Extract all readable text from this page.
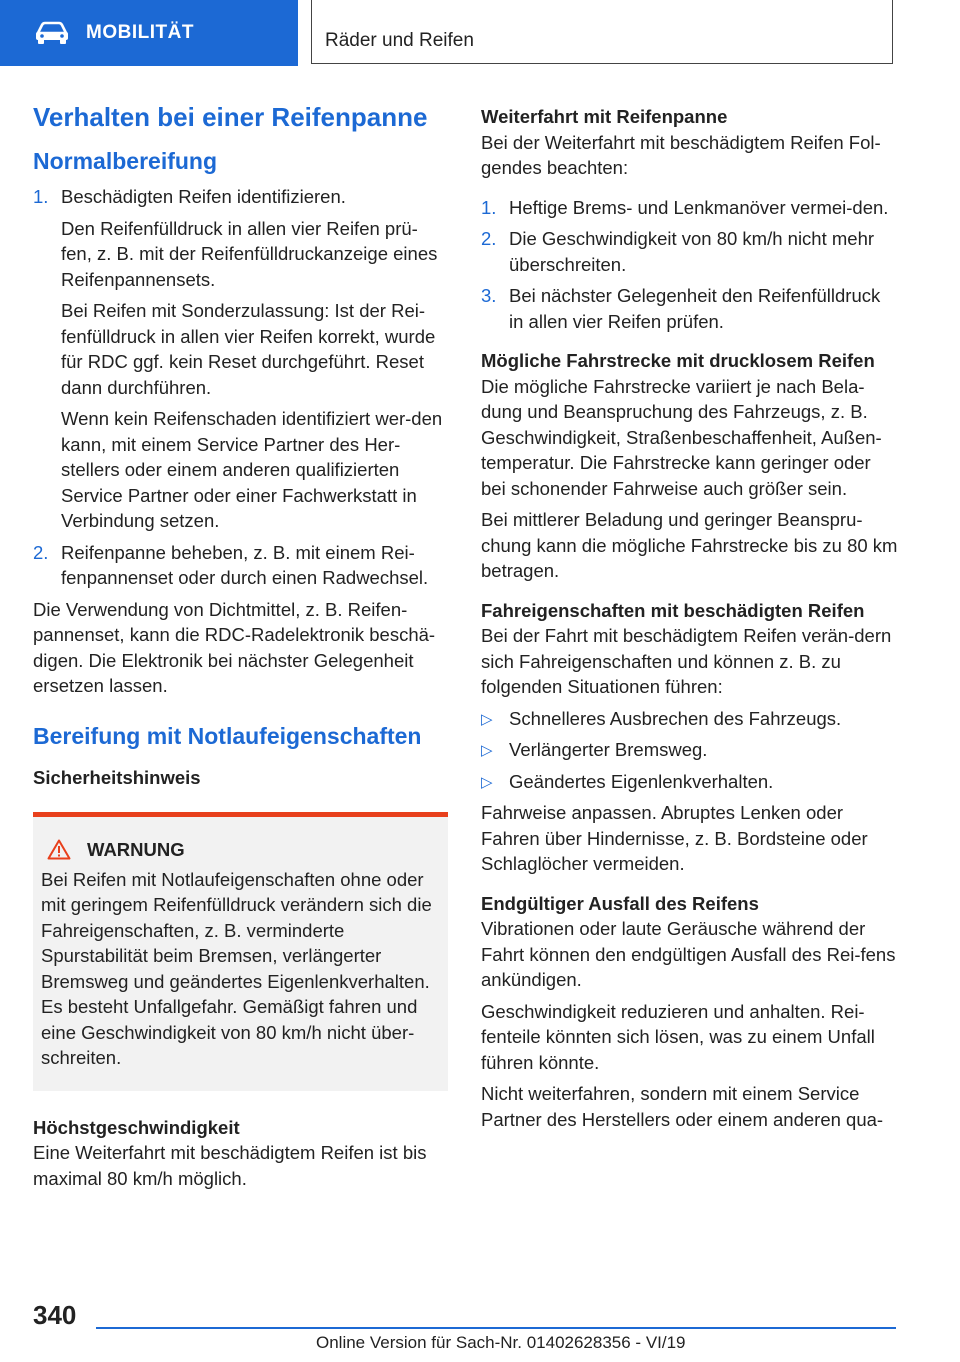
MOBILITÄT	Räder und Reifen
Verhalten bei einer Reifenpanne
Normalbereifung
1. Beschädigten Reifen identifizieren.

Den Reifenfülldruck in allen vier Reifen prü-fen, z. B. mit der Reifenfülldruckanzeige eines Reifenpannensets.

Bei Reifen mit Sonderzulassung: Ist der Rei-fenfülldruck in allen vier Reifen korrekt, wurde für RDC ggf. kein Reset durchgeführt. Reset dann durchführen.

Wenn kein Reifenschaden identifiziert wer-den kann, mit einem Service Partner des Her-stellers oder einem anderen qualifizierten Service Partner oder einer Fachwerkstatt in Verbindung setzen.

2. Reifenpanne beheben, z. B. mit einem Rei-fenpannenset oder durch einen Radwechsel.

Die Verwendung von Dichtmittel, z. B. Reifen-pannenset, kann die RDC-Radelektronik beschä-digen. Die Elektronik bei nächster Gelegenheit ersetzen lassen.

Bereifung mit Notlaufeigenschaften
Sicherheitshinweis
WARNUNG

Bei Reifen mit Notlaufeigenschaften ohne oder mit geringem Reifenfülldruck verändern sich die Fahreigenschaften, z. B. verminderte Spurstabilität beim Bremsen, verlängerter Bremsweg und geändertes Eigenlenkverhalten. Es besteht Unfallgefahr. Gemäßigt fahren und eine Geschwindigkeit von 80 km/h nicht über-schreiten.

Höchstgeschwindigkeit

Eine Weiterfahrt mit beschädigtem Reifen ist bis maximal 80 km/h möglich.

Weiterfahrt mit Reifenpanne

Bei der Weiterfahrt mit beschädigtem Reifen Fol-gendes beachten:

1. Heftige Brems- und Lenkmanöver vermei-den.
2. Die Geschwindigkeit von 80 km/h nicht mehr überschreiten.
3. Bei nächster Gelegenheit den Reifenfülldruck in allen vier Reifen prüfen.
Mögliche Fahrstrecke mit drucklosem Reifen

Die mögliche Fahrstrecke variiert je nach Bela-dung und Beanspruchung des Fahrzeugs, z. B. Geschwindigkeit, Straßenbeschaffenheit, Außen-temperatur. Die Fahrstrecke kann geringer oder bei schonender Fahrweise auch größer sein.

Bei mittlerer Beladung und geringer Beanspru-chung kann die mögliche Fahrstrecke bis zu 80 km betragen.

Fahreigenschaften mit beschädigten Reifen

Bei der Fahrt mit beschädigtem Reifen verän-dern sich Fahreigenschaften und können z. B. zu folgenden Situationen führen:

▷ Schnelleres Ausbrechen des Fahrzeugs.
▷ Verlängerter Bremsweg.
▷ Geändertes Eigenlenkverhalten.

Fahrweise anpassen. Abruptes Lenken oder Fahren über Hindernisse, z. B. Bordsteine oder Schlaglöcher vermeiden.

Endgültiger Ausfall des Reifens

Vibrationen oder laute Geräusche während der Fahrt können den endgültigen Ausfall des Rei-fens ankündigen.

Geschwindigkeit reduzieren und anhalten. Rei-fenteile könnten sich lösen, was zu einem Unfall führen könnte.

Nicht weiterfahren, sondern mit einem Service Partner des Herstellers oder einem anderen qua-

340
Online Version für Sach-Nr. 01402628356 - VI/19
